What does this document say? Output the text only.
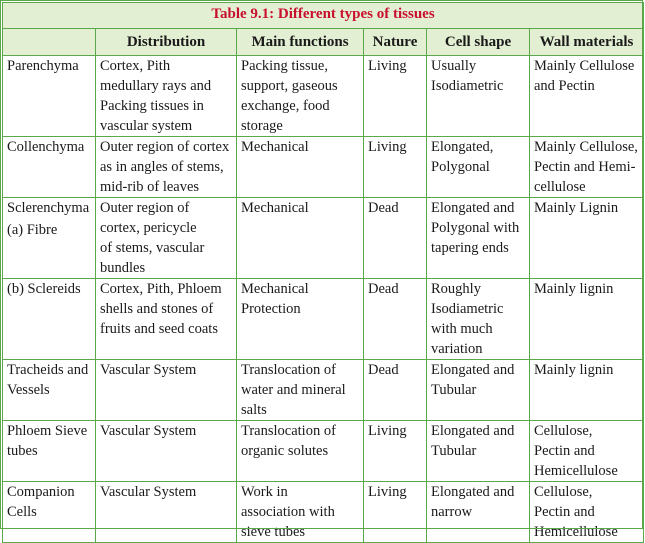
Table 9.1: Different types of tissues					
	Distribution	Main functions	Nature	Cell shape	Wall materials

Parenchyma	Cortex, Pith
medullary rays and
Packing tissues in
vascular system	Packing tissue,
support, gaseous
exchange, food
storage	Living	Usually
Isodiametric	Mainly Cellulose
and Pectin

Collenchyma	Outer region of cortex
as in angles of stems,
mid-rib of leaves	Mechanical	Living	Elongated,
Polygonal	Mainly Cellulose,
Pectin and Hemi-
cellulose

Sclerenchyma
(a) Fibre	Outer region of
cortex, pericycle
of stems, vascular
bundles	Mechanical	Dead	Elongated and
Polygonal with
tapering ends	Mainly Lignin

(b) Sclereids	Cortex, Pith, Phloem
shells and stones of
fruits and seed coats	Mechanical
Protection	Dead	Roughly
Isodiametric
with much
variation	Mainly lignin

Tracheids and
Vessels	Vascular System	Translocation of
water and mineral
salts	Dead	Elongated and
Tubular	Mainly lignin

Phloem Sieve
tubes	Vascular System	Translocation of
organic solutes	Living	Elongated and
Tubular	Cellulose,
Pectin and
Hemicellulose

Companion
Cells	Vascular System	Work in
association with
sieve tubes	Living	Elongated and
narrow	Cellulose,
Pectin and
Hemicellulose
